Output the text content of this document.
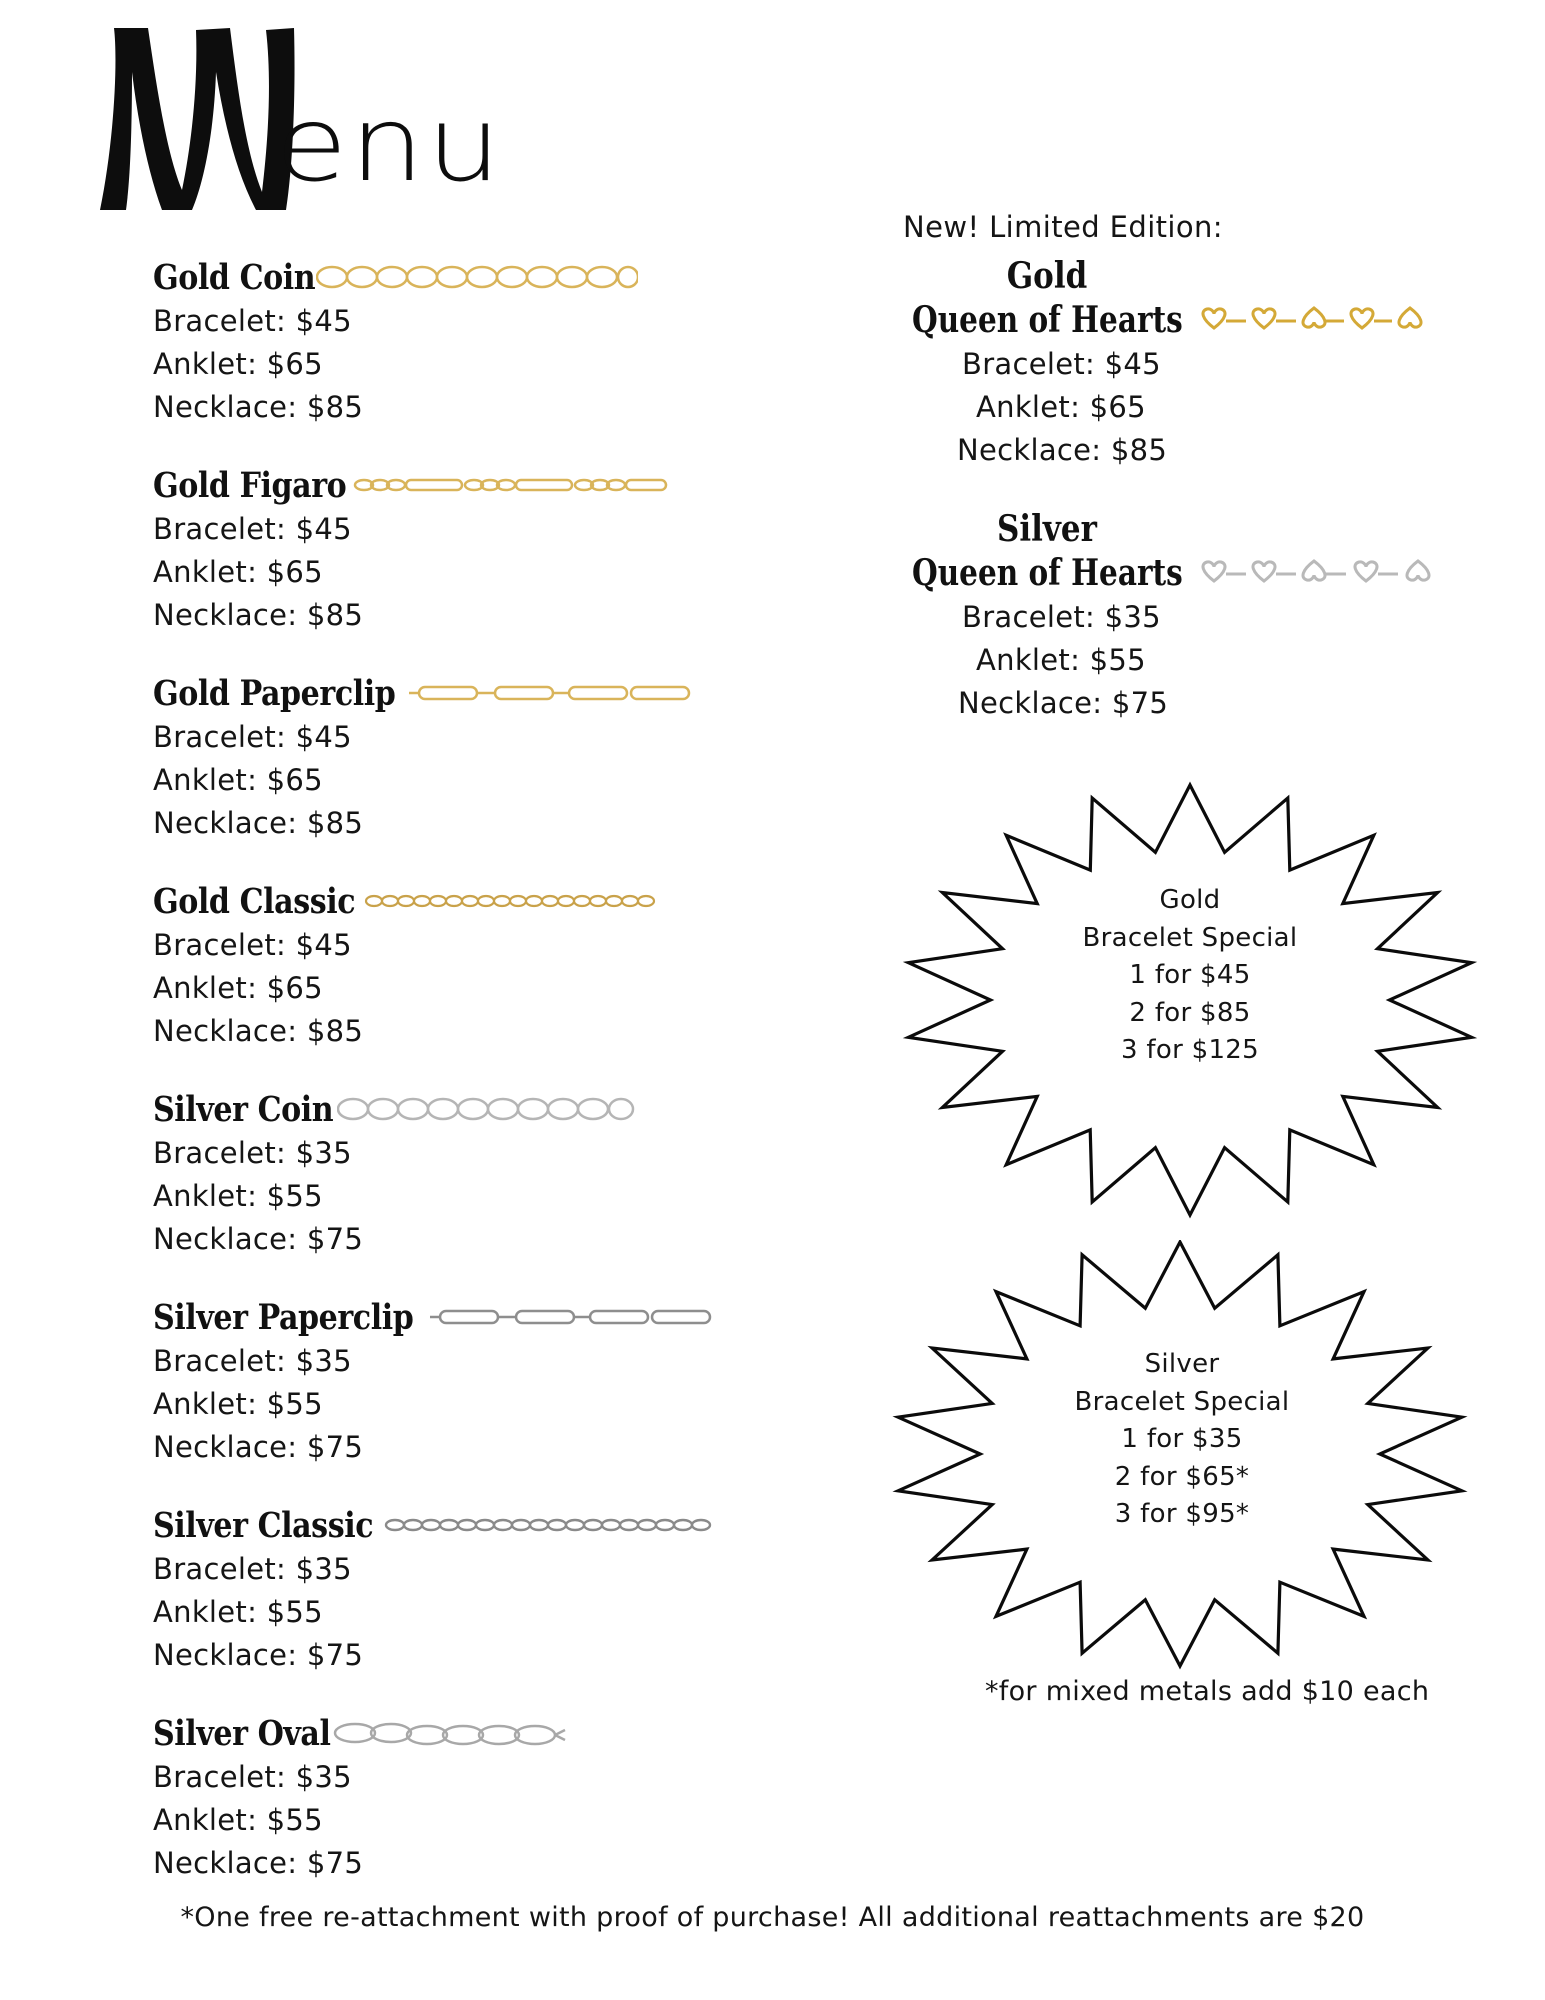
enu
Gold Coin
Bracelet: $45
Anklet: $65
Necklace: $85
Gold Figaro
Bracelet: $45
Anklet: $65
Necklace: $85
Gold Paperclip
Bracelet: $45
Anklet: $65
Necklace: $85
Gold Classic
Bracelet: $45
Anklet: $65
Necklace: $85
Silver Coin
Bracelet: $35
Anklet: $55
Necklace: $75
Silver Paperclip
Bracelet: $35
Anklet: $55
Necklace: $75
Silver Classic
Bracelet: $35
Anklet: $55
Necklace: $75
Silver Oval
Bracelet: $35
Anklet: $55
Necklace: $75
New! Limited Edition:
Gold
Queen of Hearts
Bracelet: $45
Anklet: $65
Necklace: $85
Silver
Queen of Hearts
Bracelet: $35
Anklet: $55
Necklace: $75
Gold
Bracelet Special
1 for $45
2 for $85
3 for $125
Silver
Bracelet Special
1 for $35
2 for $65*
3 for $95*
*for mixed metals add $10 each
*One free re-attachment with proof of purchase! All additional reattachments are $20
